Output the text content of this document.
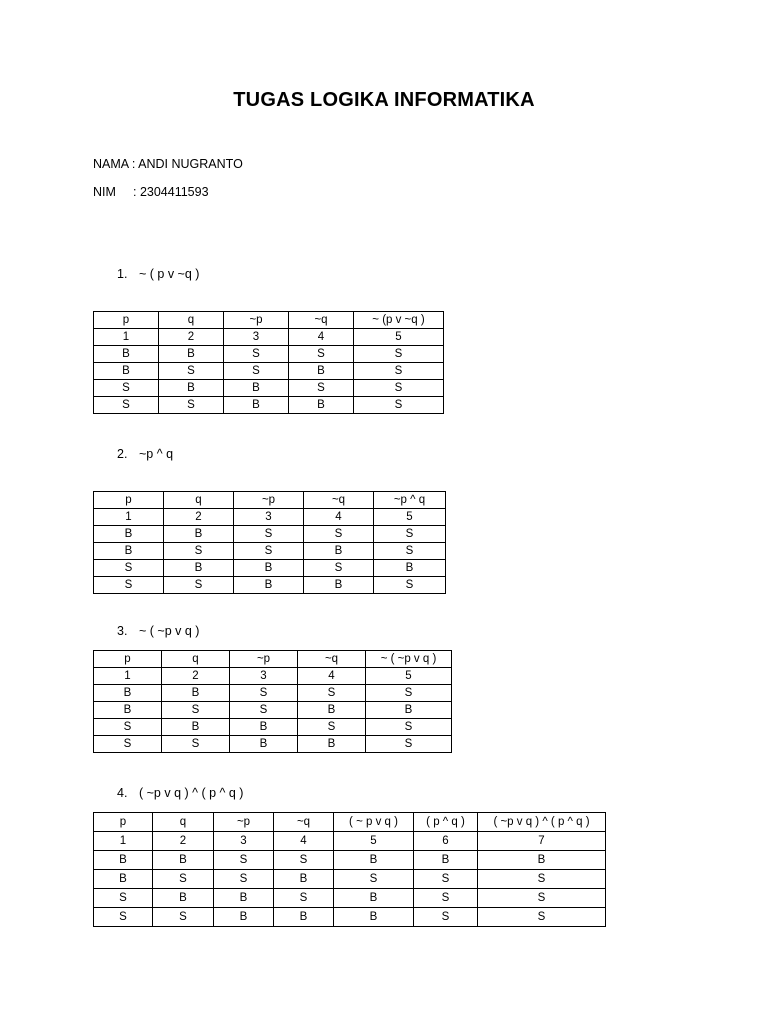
TUGAS LOGIKA INFORMATIKA
NAMA : ANDI NUGRANTO
NIM : 2304411593
1. ~ ( p v ~q )
p	q	~p	~q	~ (p v ~q )
1	2	3	4	5
B	B	S	S	S
B	S	S	B	S
S	B	B	S	S
S	S	B	B	S
2. ~p ^ q
p	q	~p	~q	~p ^ q
1	2	3	4	5
B	B	S	S	S
B	S	S	B	S
S	B	B	S	B
S	S	B	B	S
3. ~ ( ~p v q )
p	q	~p	~q	~ ( ~p v q )
1	2	3	4	5
B	B	S	S	S
B	S	S	B	B
S	B	B	S	S
S	S	B	B	S
4. ( ~p v q ) ^ ( p ^ q )
p	q	~p	~q	( ~ p v q )	( p ^ q )	( ~p v q ) ^ ( p ^ q )
1	2	3	4	5	6	7
B	B	S	S	B	B	B
B	S	S	B	S	S	S
S	B	B	S	B	S	S
S	S	B	B	B	S	S
